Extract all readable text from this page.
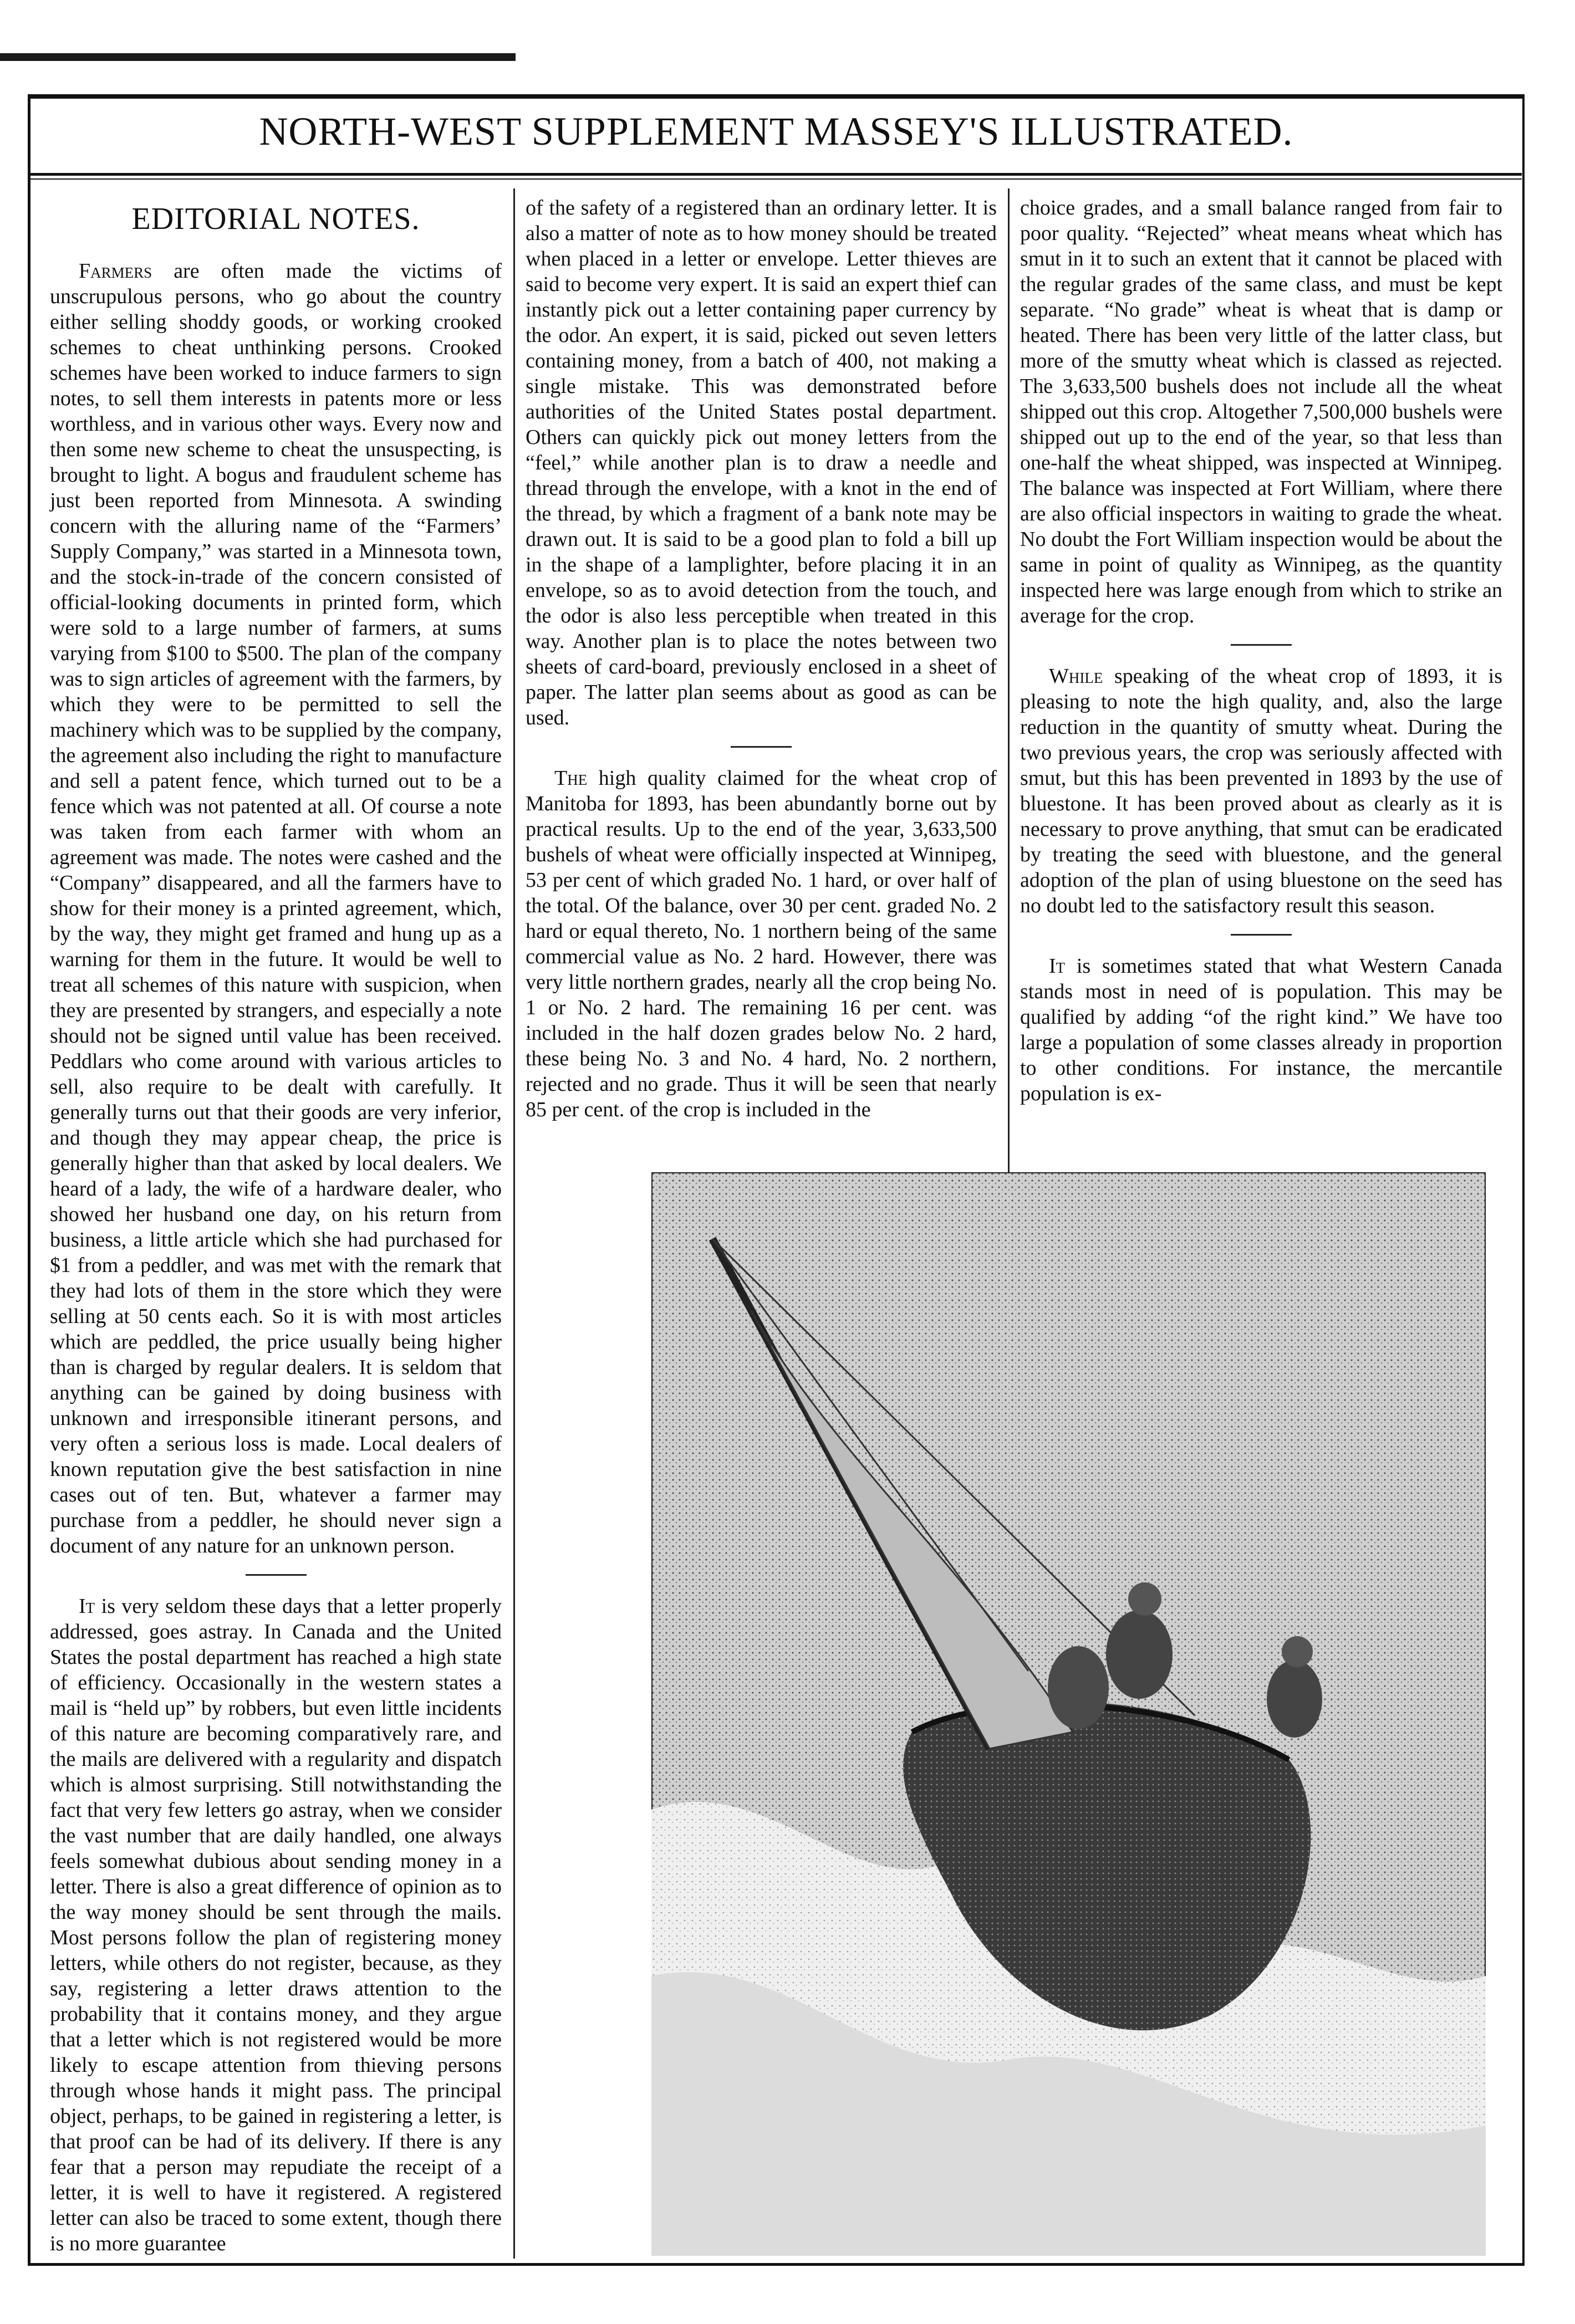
NORTH-WEST SUPPLEMENT MASSEY'S ILLUSTRATED.
EDITORIAL NOTES.

Farmers are often made the victims of unscrupulous persons, who go about the country either selling shoddy goods, or working crooked schemes to cheat unthinking persons. Crooked schemes have been worked to induce farmers to sign notes, to sell them interests in patents more or less worthless, and in various other ways. Every now and then some new scheme to cheat the unsuspecting, is brought to light. A bogus and fraudulent scheme has just been reported from Minnesota. A swinding concern with the alluring name of the “Farmers’ Supply Company,” was started in a Minnesota town, and the stock-in-trade of the concern consisted of official-looking documents in printed form, which were sold to a large number of farmers, at sums varying from $100 to $500. The plan of the company was to sign articles of agreement with the farmers, by which they were to be permitted to sell the machinery which was to be supplied by the company, the agreement also including the right to manufacture and sell a patent fence, which turned out to be a fence which was not patented at all. Of course a note was taken from each farmer with whom an agreement was made. The notes were cashed and the “Company” disappeared, and all the farmers have to show for their money is a printed agreement, which, by the way, they might get framed and hung up as a warning for them in the future. It would be well to treat all schemes of this nature with suspicion, when they are presented by strangers, and especially a note should not be signed until value has been received. Peddlars who come around with various articles to sell, also require to be dealt with carefully. It generally turns out that their goods are very inferior, and though they may appear cheap, the price is generally higher than that asked by local dealers. We heard of a lady, the wife of a hardware dealer, who showed her husband one day, on his return from business, a little article which she had purchased for $1 from a peddler, and was met with the remark that they had lots of them in the store which they were selling at 50 cents each. So it is with most articles which are peddled, the price usually being higher than is charged by regular dealers. It is seldom that anything can be gained by doing business with unknown and irresponsible itinerant persons, and very often a serious loss is made. Local dealers of known reputation give the best satisfaction in nine cases out of ten. But, whatever a farmer may purchase from a peddler, he should never sign a document of any nature for an unknown person.

It is very seldom these days that a letter properly addressed, goes astray. In Canada and the United States the postal department has reached a high state of efficiency. Occasionally in the western states a mail is “held up” by robbers, but even little incidents of this nature are becoming comparatively rare, and the mails are delivered with a regularity and dispatch which is almost surprising. Still notwithstanding the fact that very few letters go astray, when we consider the vast number that are daily handled, one always feels somewhat dubious about sending money in a letter. There is also a great difference of opinion as to the way money should be sent through the mails. Most persons follow the plan of registering money letters, while others do not register, because, as they say, registering a letter draws attention to the probability that it contains money, and they argue that a letter which is not registered would be more likely to escape attention from thieving persons through whose hands it might pass. The principal object, perhaps, to be gained in registering a letter, is that proof can be had of its delivery. If there is any fear that a person may repudiate the receipt of a letter, it is well to have it registered. A registered letter can also be traced to some extent, though there is no more guarantee

of the safety of a registered than an ordinary letter. It is also a matter of note as to how money should be treated when placed in a letter or envelope. Letter thieves are said to become very expert. It is said an expert thief can instantly pick out a letter containing paper currency by the odor. An expert, it is said, picked out seven letters containing money, from a batch of 400, not making a single mistake. This was demonstrated before authorities of the United States postal department. Others can quickly pick out money letters from the “feel,” while another plan is to draw a needle and thread through the envelope, with a knot in the end of the thread, by which a fragment of a bank note may be drawn out. It is said to be a good plan to fold a bill up in the shape of a lamplighter, before placing it in an envelope, so as to avoid detection from the touch, and the odor is also less perceptible when treated in this way. Another plan is to place the notes between two sheets of card-board, previously enclosed in a sheet of paper. The latter plan seems about as good as can be used.

The high quality claimed for the wheat crop of Manitoba for 1893, has been abundantly borne out by practical results. Up to the end of the year, 3,633,500 bushels of wheat were officially inspected at Winnipeg, 53 per cent of which graded No. 1 hard, or over half of the total. Of the balance, over 30 per cent. graded No. 2 hard or equal thereto, No. 1 northern being of the same commercial value as No. 2 hard. However, there was very little northern grades, nearly all the crop being No. 1 or No. 2 hard. The remaining 16 per cent. was included in the half dozen grades below No. 2 hard, these being No. 3 and No. 4 hard, No. 2 northern, rejected and no grade. Thus it will be seen that nearly 85 per cent. of the crop is included in the

choice grades, and a small balance ranged from fair to poor quality. “Rejected” wheat means wheat which has smut in it to such an extent that it cannot be placed with the regular grades of the same class, and must be kept separate. “No grade” wheat is wheat that is damp or heated. There has been very little of the latter class, but more of the smutty wheat which is classed as rejected. The 3,633,500 bushels does not include all the wheat shipped out this crop. Altogether 7,500,000 bushels were shipped out up to the end of the year, so that less than one-half the wheat shipped, was inspected at Winnipeg. The balance was inspected at Fort William, where there are also official inspectors in waiting to grade the wheat. No doubt the Fort William inspection would be about the same in point of quality as Winnipeg, as the quantity inspected here was large enough from which to strike an average for the crop.

While speaking of the wheat crop of 1893, it is pleasing to note the high quality, and, also the large reduction in the quantity of smutty wheat. During the two previous years, the crop was seriously affected with smut, but this has been prevented in 1893 by the use of bluestone. It has been proved about as clearly as it is necessary to prove anything, that smut can be eradicated by treating the seed with bluestone, and the general adoption of the plan of using bluestone on the seed has no doubt led to the satisfactory result this season.

It is sometimes stated that what Western Canada stands most in need of is population. This may be qualified by adding “of the right kind.” We have too large a population of some classes already in proportion to other conditions. For instance, the mercantile population is ex-
